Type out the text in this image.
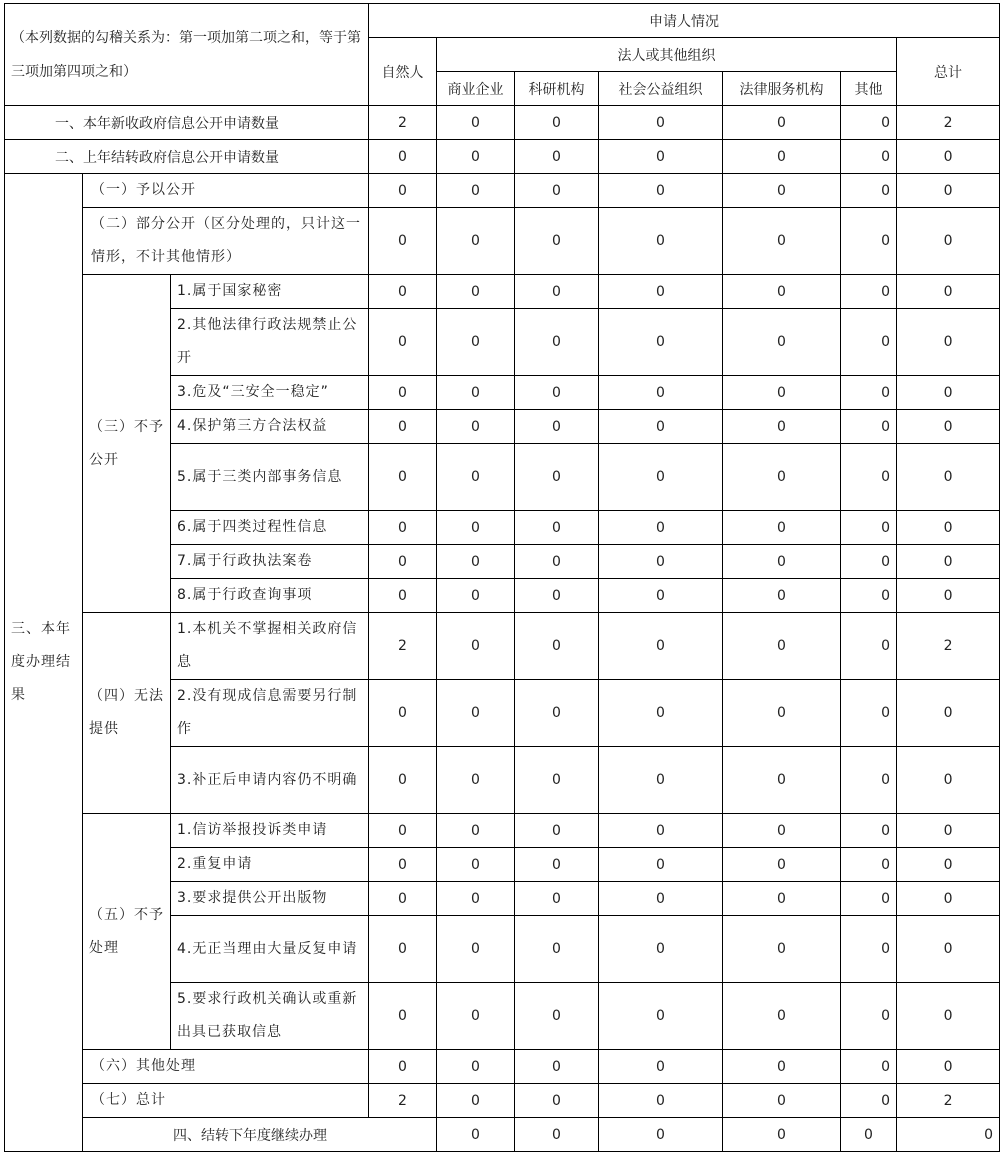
（本列数据的勾稽关系为：第一项加第二项之和，等于第三项加第四项之和）			申请人情况							
			自然人	法人或其他组织					总计	
				商业企业	科研机构	社会公益组织	法律服务机构	其他		
一、本年新收政府信息公开申请数量			2	0	0	0	0	0	2	
二、上年结转政府信息公开申请数量			0	0	0	0	0	0	0	
三、本年度办理结果	（一）予以公开		0	0	0	0	0	0	0	
	（二）部分公开（区分处理的，只计这一情形，不计其他情形）		0	0	0	0	0	0	0	
	（三）不予公开	1.属于国家秘密	0	0	0	0	0	0	0	
		2.其他法律行政法规禁止公开	0	0	0	0	0	0	0	
		3.危及“三安全一稳定”	0	0	0	0	0	0	0	
		4.保护第三方合法权益	0	0	0	0	0	0	0	
		5.属于三类内部事务信息	0	0	0	0	0	0	0	
		6.属于四类过程性信息	0	0	0	0	0	0	0	
		7.属于行政执法案卷	0	0	0	0	0	0	0	
		8.属于行政查询事项	0	0	0	0	0	0	0	
	（四）无法提供	1.本机关不掌握相关政府信息	2	0	0	0	0	0	2	
		2.没有现成信息需要另行制作	0	0	0	0	0	0	0	
		3.补正后申请内容仍不明确	0	0	0	0	0	0	0	
	（五）不予处理	1.信访举报投诉类申请	0	0	0	0	0	0	0	
		2.重复申请	0	0	0	0	0	0	0	
		3.要求提供公开出版物	0	0	0	0	0	0	0	
		4.无正当理由大量反复申请	0	0	0	0	0	0	0	
		5.要求行政机关确认或重新出具已获取信息	0	0	0	0	0	0	0	
	（六）其他处理		0	0	0	0	0	0	0	
	（七）总计		2	0	0	0	0	0	2	
	四、结转下年度继续办理			0	0	0	0	0	0	
